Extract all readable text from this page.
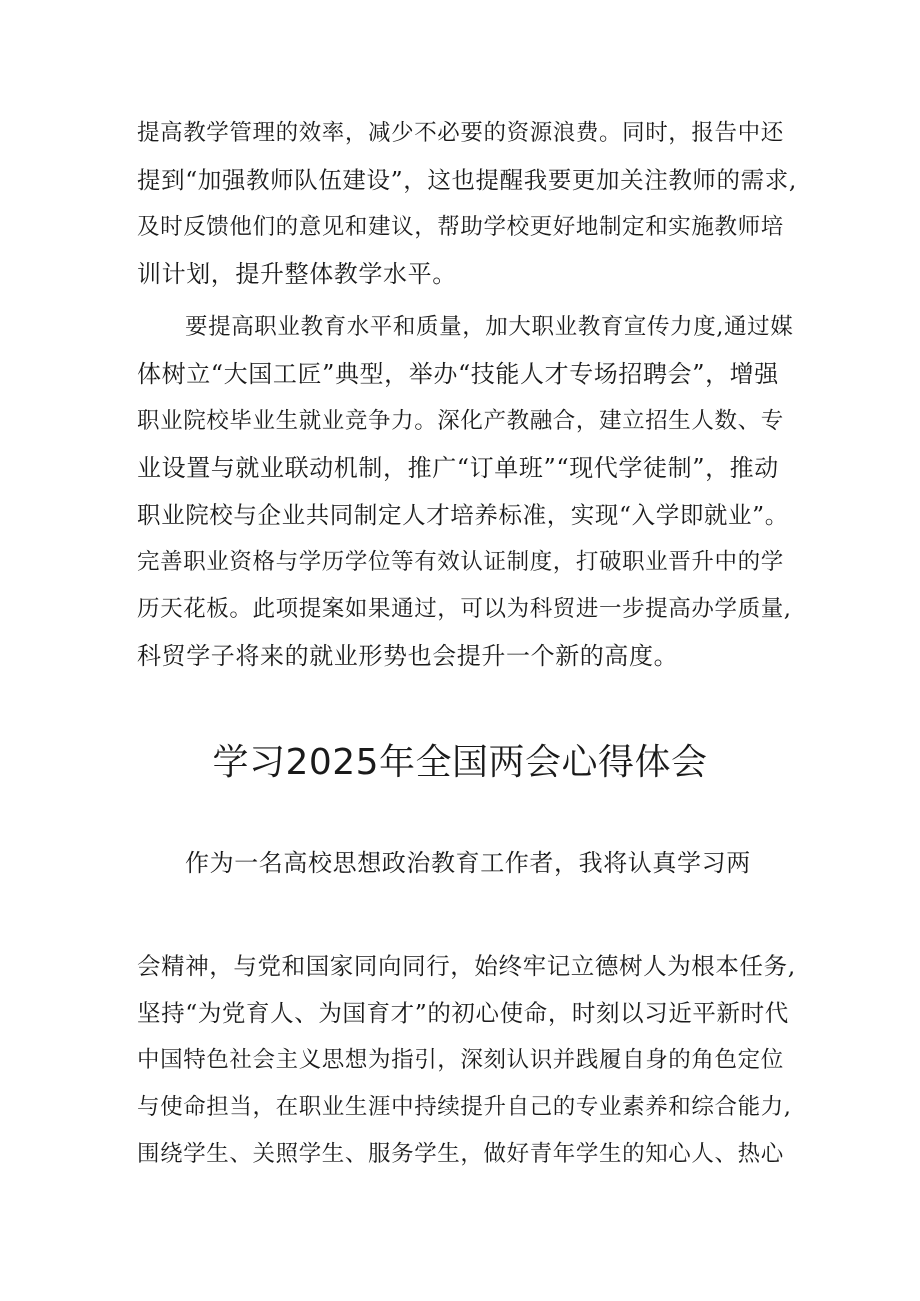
提高教学管理的效率，减少不必要的资源浪费。同时，报告中还
提到“加强教师队伍建设”，这也提醒我要更加关注教师的需求,
及时反馈他们的意见和建议，帮助学校更好地制定和实施教师培
训计划，提升整体教学水平。
要提高职业教育水平和质量，加大职业教育宣传力度,通过媒
体树立“大国工匠”典型，举办“技能人才专场招聘会”，增强
职业院校毕业生就业竞争力。深化产教融合，建立招生人数、专
业设置与就业联动机制，推广“订单班”“现代学徒制”，推动
职业院校与企业共同制定人才培养标准，实现“入学即就业”。
完善职业资格与学历学位等有效认证制度，打破职业晋升中的学
历天花板。此项提案如果通过，可以为科贸进一步提高办学质量,
科贸学子将来的就业形势也会提升一个新的高度。
学习2025年全国两会心得体会
作为一名高校思想政治教育工作者，我将认真学习两
会精神，与党和国家同向同行，始终牢记立德树人为根本任务,
坚持“为党育人、为国育才”的初心使命，时刻以习近平新时代
中国特色社会主义思想为指引，深刻认识并践履自身的角色定位
与使命担当，在职业生涯中持续提升自己的专业素养和综合能力,
围绕学生、关照学生、服务学生，做好青年学生的知心人、热心
